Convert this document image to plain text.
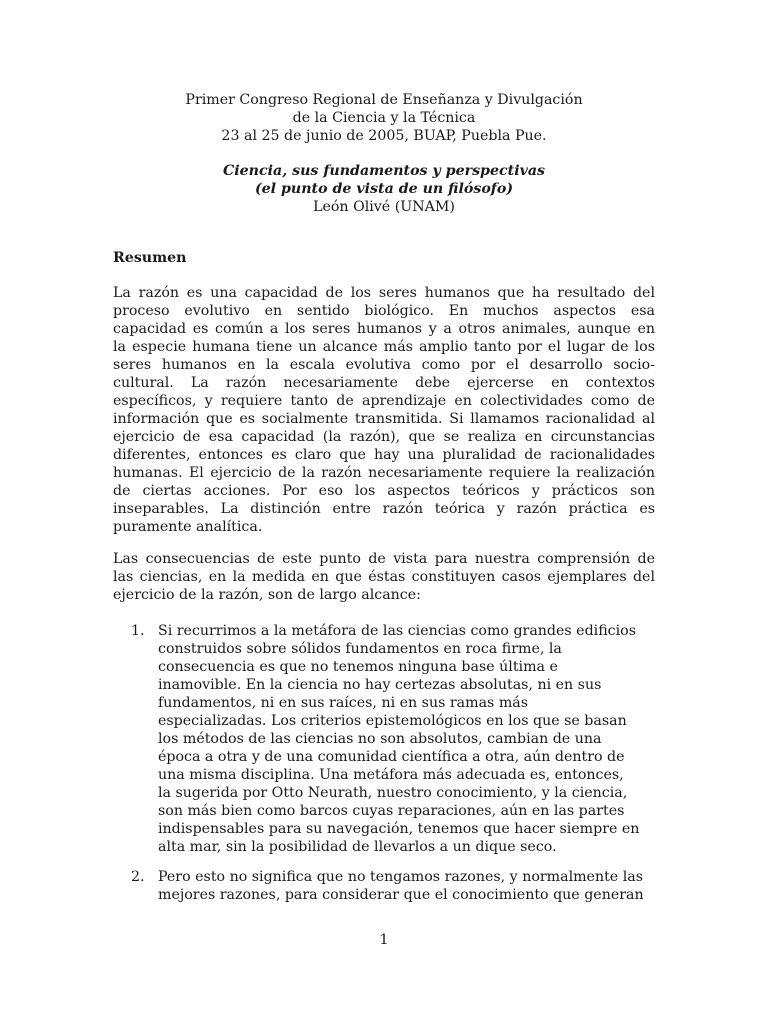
Primer Congreso Regional de Enseñanza y Divulgación
de la Ciencia y la Técnica
23 al 25 de junio de 2005, BUAP, Puebla Pue.
Ciencia, sus fundamentos y perspectivas
(el punto de vista de un filósofo)
León Olivé (UNAM)
Resumen
La razón es una capacidad de los seres humanos que ha resultado del
proceso evolutivo en sentido biológico. En muchos aspectos esa
capacidad es común a los seres humanos y a otros animales, aunque en
la especie humana tiene un alcance más amplio tanto por el lugar de los
seres humanos en la escala evolutiva como por el desarrollo socio-
cultural. La razón necesariamente debe ejercerse en contextos
específicos, y requiere tanto de aprendizaje en colectividades como de
información que es socialmente transmitida. Si llamamos racionalidad al
ejercicio de esa capacidad (la razón), que se realiza en circunstancias
diferentes, entonces es claro que hay una pluralidad de racionalidades
humanas. El ejercicio de la razón necesariamente requiere la realización
de ciertas acciones. Por eso los aspectos teóricos y prácticos son
inseparables. La distinción entre razón teórica y razón práctica es
puramente analítica.
Las consecuencias de este punto de vista para nuestra comprensión de
las ciencias, en la medida en que éstas constituyen casos ejemplares del
ejercicio de la razón, son de largo alcance:
1. Si recurrimos a la metáfora de las ciencias como grandes edificios
construidos sobre sólidos fundamentos en roca firme, la
consecuencia es que no tenemos ninguna base última e
inamovible. En la ciencia no hay certezas absolutas, ni en sus
fundamentos, ni en sus raíces, ni en sus ramas más
especializadas. Los criterios epistemológicos en los que se basan
los métodos de las ciencias no son absolutos, cambian de una
época a otra y de una comunidad científica a otra, aún dentro de
una misma disciplina. Una metáfora más adecuada es, entonces,
la sugerida por Otto Neurath, nuestro conocimiento, y la ciencia,
son más bien como barcos cuyas reparaciones, aún en las partes
indispensables para su navegación, tenemos que hacer siempre en
alta mar, sin la posibilidad de llevarlos a un dique seco.
2. Pero esto no significa que no tengamos razones, y normalmente las
mejores razones, para considerar que el conocimiento que generan
1
